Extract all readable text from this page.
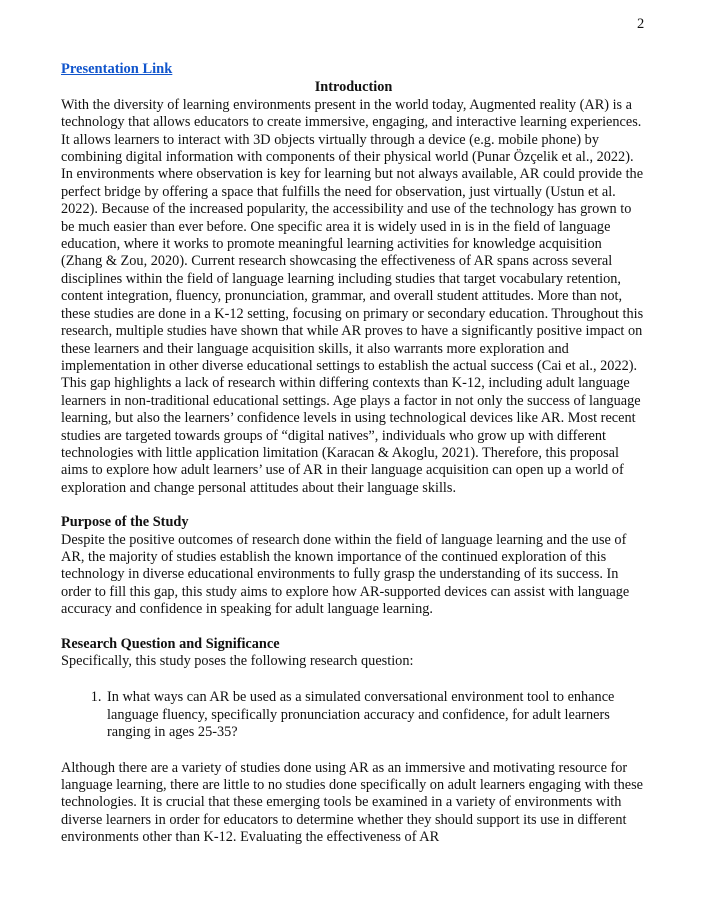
2
Presentation Link
Introduction

With the diversity of learning environments present in the world today, Augmented reality (AR) is a technology that allows educators to create immersive, engaging, and interactive learning experiences. It allows learners to interact with 3D objects virtually through a device (e.g. mobile phone) by combining digital information with components of their physical world (Punar Özçelik et al., 2022). In environments where observation is key for learning but not always available, AR could provide the perfect bridge by offering a space that fulfills the need for observation, just virtually (Ustun et al. 2022). Because of the increased popularity, the accessibility and use of the technology has grown to be much easier than ever before. One specific area it is widely used in is in the field of language education, where it works to promote meaningful learning activities for knowledge acquisition (Zhang & Zou, 2020). Current research showcasing the effectiveness of AR spans across several disciplines within the field of language learning including studies that target vocabulary retention, content integration, fluency, pronunciation, grammar, and overall student attitudes. More than not, these studies are done in a K-12 setting, focusing on primary or secondary education. Throughout this research, multiple studies have shown that while AR proves to have a significantly positive impact on these learners and their language acquisition skills, it also warrants more exploration and implementation in other diverse educational settings to establish the actual success (Cai et al., 2022). This gap highlights a lack of research within differing contexts than K-12, including adult language learners in non-traditional educational settings. Age plays a factor in not only the success of language learning, but also the learners’ confidence levels in using technological devices like AR. Most recent studies are targeted towards groups of “digital natives”, individuals who grow up with different technologies with little application limitation (Karacan & Akoglu, 2021). Therefore, this proposal aims to explore how adult learners’ use of AR in their language acquisition can open up a world of exploration and change personal attitudes about their language skills.

Purpose of the Study

Despite the positive outcomes of research done within the field of language learning and the use of AR, the majority of studies establish the known importance of the continued exploration of this technology in diverse educational environments to fully grasp the understanding of its success. In order to fill this gap, this study aims to explore how AR-supported devices can assist with language accuracy and confidence in speaking for adult language learning.

Research Question and Significance

Specifically, this study poses the following research question:

1. In what ways can AR be used as a simulated conversational environment tool to enhance language fluency, specifically pronunciation accuracy and confidence, for adult learners ranging in ages 25-35?

Although there are a variety of studies done using AR as an immersive and motivating resource for language learning, there are little to no studies done specifically on adult learners engaging with these technologies. It is crucial that these emerging tools be examined in a variety of environments with diverse learners in order for educators to determine whether they should support its use in different environments other than K-12. Evaluating the effectiveness of AR
